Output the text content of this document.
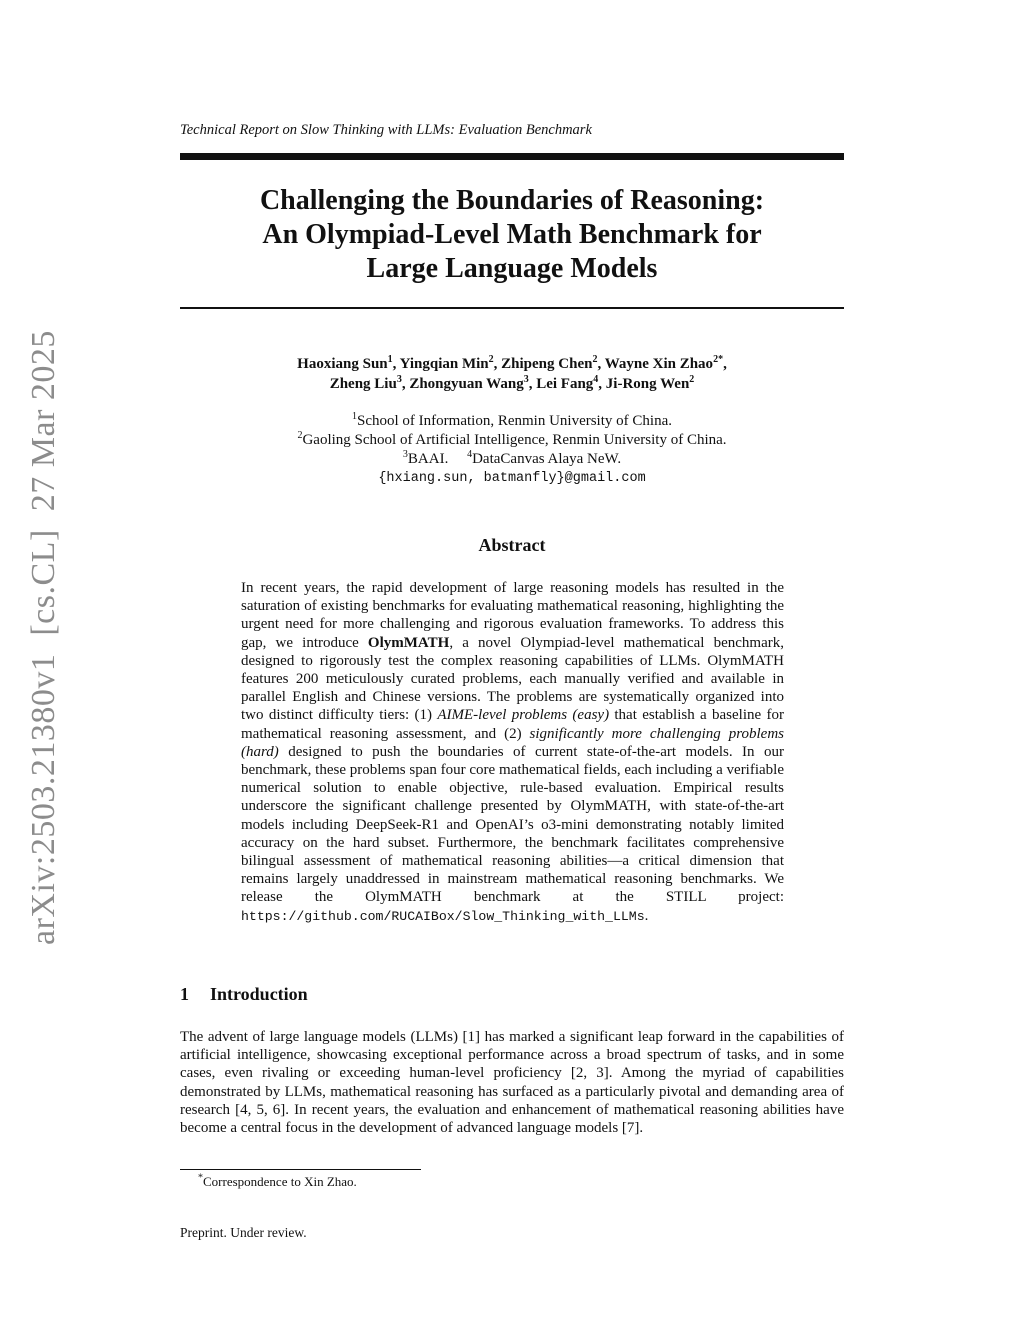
Technical Report on Slow Thinking with LLMs: Evaluation Benchmark
Challenging the Boundaries of Reasoning:
An Olympiad-Level Math Benchmark for
Large Language Models
Haoxiang Sun$^1$, Yingqian Min$^2$, Zhipeng Chen$^2$, Wayne Xin Zhao$^{2*}$,
Zheng Liu$^3$, Zhongyuan Wang$^3$, Lei Fang$^4$, Ji-Rong Wen$^2$
$^1$School of Information, Renmin University of China.
$^2$Gaoling School of Artificial Intelligence, Renmin University of China.
$^3$BAAI. $^4$DataCanvas Alaya NeW.
{hxiang.sun, batmanfly}@gmail.com
Abstract
In recent years, the rapid development of large reasoning models has resulted in the saturation of existing benchmarks for evaluating mathematical reasoning, highlighting the urgent need for more challenging and rigorous evaluation frameworks. To address this gap, we introduce OlymMATH, a novel Olympiad-level mathematical benchmark, designed to rigorously test the complex reasoning capabilities of LLMs. OlymMATH features 200 meticulously curated problems, each manually verified and available in parallel English and Chinese versions. The problems are systematically organized into two distinct difficulty tiers: (1) AIME-level problems (easy) that establish a baseline for mathematical reasoning assessment, and (2) significantly more challenging problems (hard) designed to push the boundaries of current state-of-the-art models. In our benchmark, these problems span four core mathematical fields, each including a verifiable numerical solution to enable objective, rule-based evaluation. Empirical results underscore the significant challenge presented by OlymMATH, with state-of-the-art models including DeepSeek-R1 and OpenAI’s o3-mini demonstrating notably limited accuracy on the hard subset. Furthermore, the benchmark facilitates comprehensive bilingual assessment of mathematical reasoning abilities—a critical dimension that remains largely unaddressed in mainstream mathematical reasoning benchmarks. We release the OlymMATH benchmark at the STILL project: https://github.com/RUCAIBox/Slow_Thinking_with_LLMs.
1 Introduction
The advent of large language models (LLMs) [1] has marked a significant leap forward in the capabilities of artificial intelligence, showcasing exceptional performance across a broad spectrum of tasks, and in some cases, even rivaling or exceeding human-level proficiency [2, 3]. Among the myriad of capabilities demonstrated by LLMs, mathematical reasoning has surfaced as a particularly pivotal and demanding area of research [4, 5, 6]. In recent years, the evaluation and enhancement of mathematical reasoning abilities have become a central focus in the development of advanced language models [7].
*Correspondence to Xin Zhao.
Preprint. Under review.
arXiv:2503.21380v1  [cs.CL]  27 Mar 2025
